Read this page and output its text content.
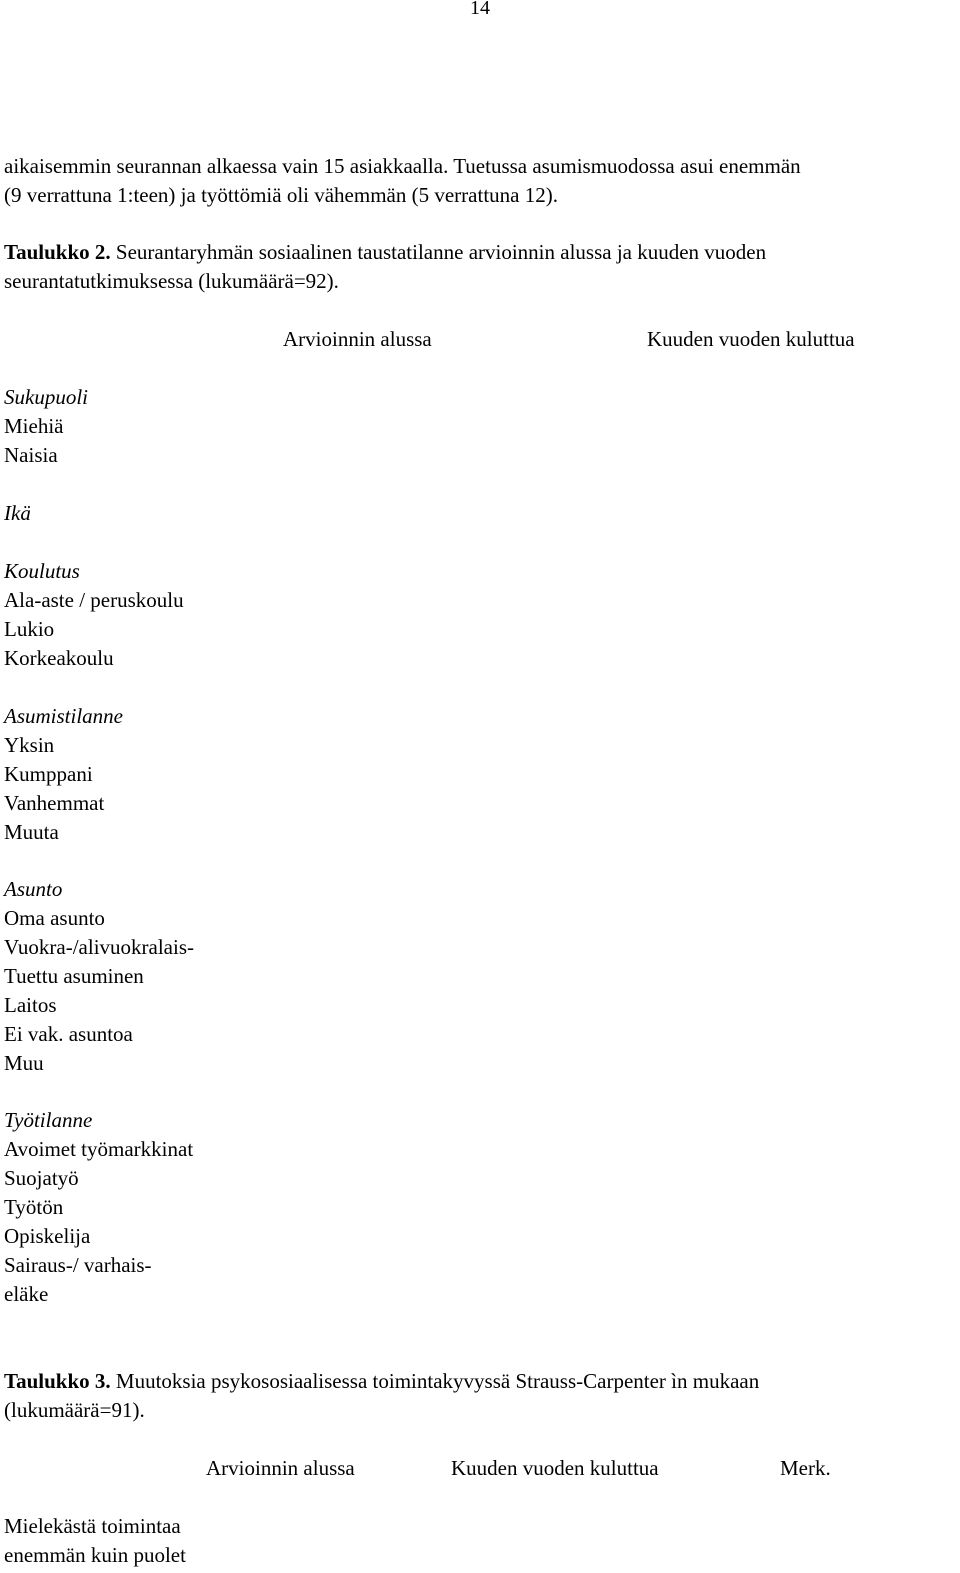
14
aikaisemmin seurannan alkaessa vain 15 asiakkaalla. Tuetussa asumismuodossa asui enemmän
(9 verrattuna 1:teen) ja työttömiä oli vähemmän (5 verrattuna 12).
Taulukko 2. Seurantaryhmän sosiaalinen taustatilanne arvioinnin alussa ja kuuden vuoden
seurantatutkimuksessa (lukumäärä=92).
Arvioinnin alussa	Kuuden vuoden kuluttua
Sukupuoli
Miehiä
Naisia
Ikä
Koulutus
Ala-aste / peruskoulu
Lukio
Korkeakoulu
Asumistilanne
Yksin
Kumppani
Vanhemmat
Muuta
Asunto
Oma asunto
Vuokra-/alivuokralais-
Tuettu asuminen
Laitos
Ei vak. asuntoa
Muu
Työtilanne
Avoimet työmarkkinat
Suojatyö
Työtön
Opiskelija
Sairaus-/ varhais-
eläke
Taulukko 3. Muutoksia psykososiaalisessa toimintakyvyssä Strauss-Carpenter ìn mukaan
(lukumäärä=91).
Arvioinnin alussa	Kuuden vuoden kuluttua	Merk.
Mielekästä toimintaa
enemmän kuin puolet
